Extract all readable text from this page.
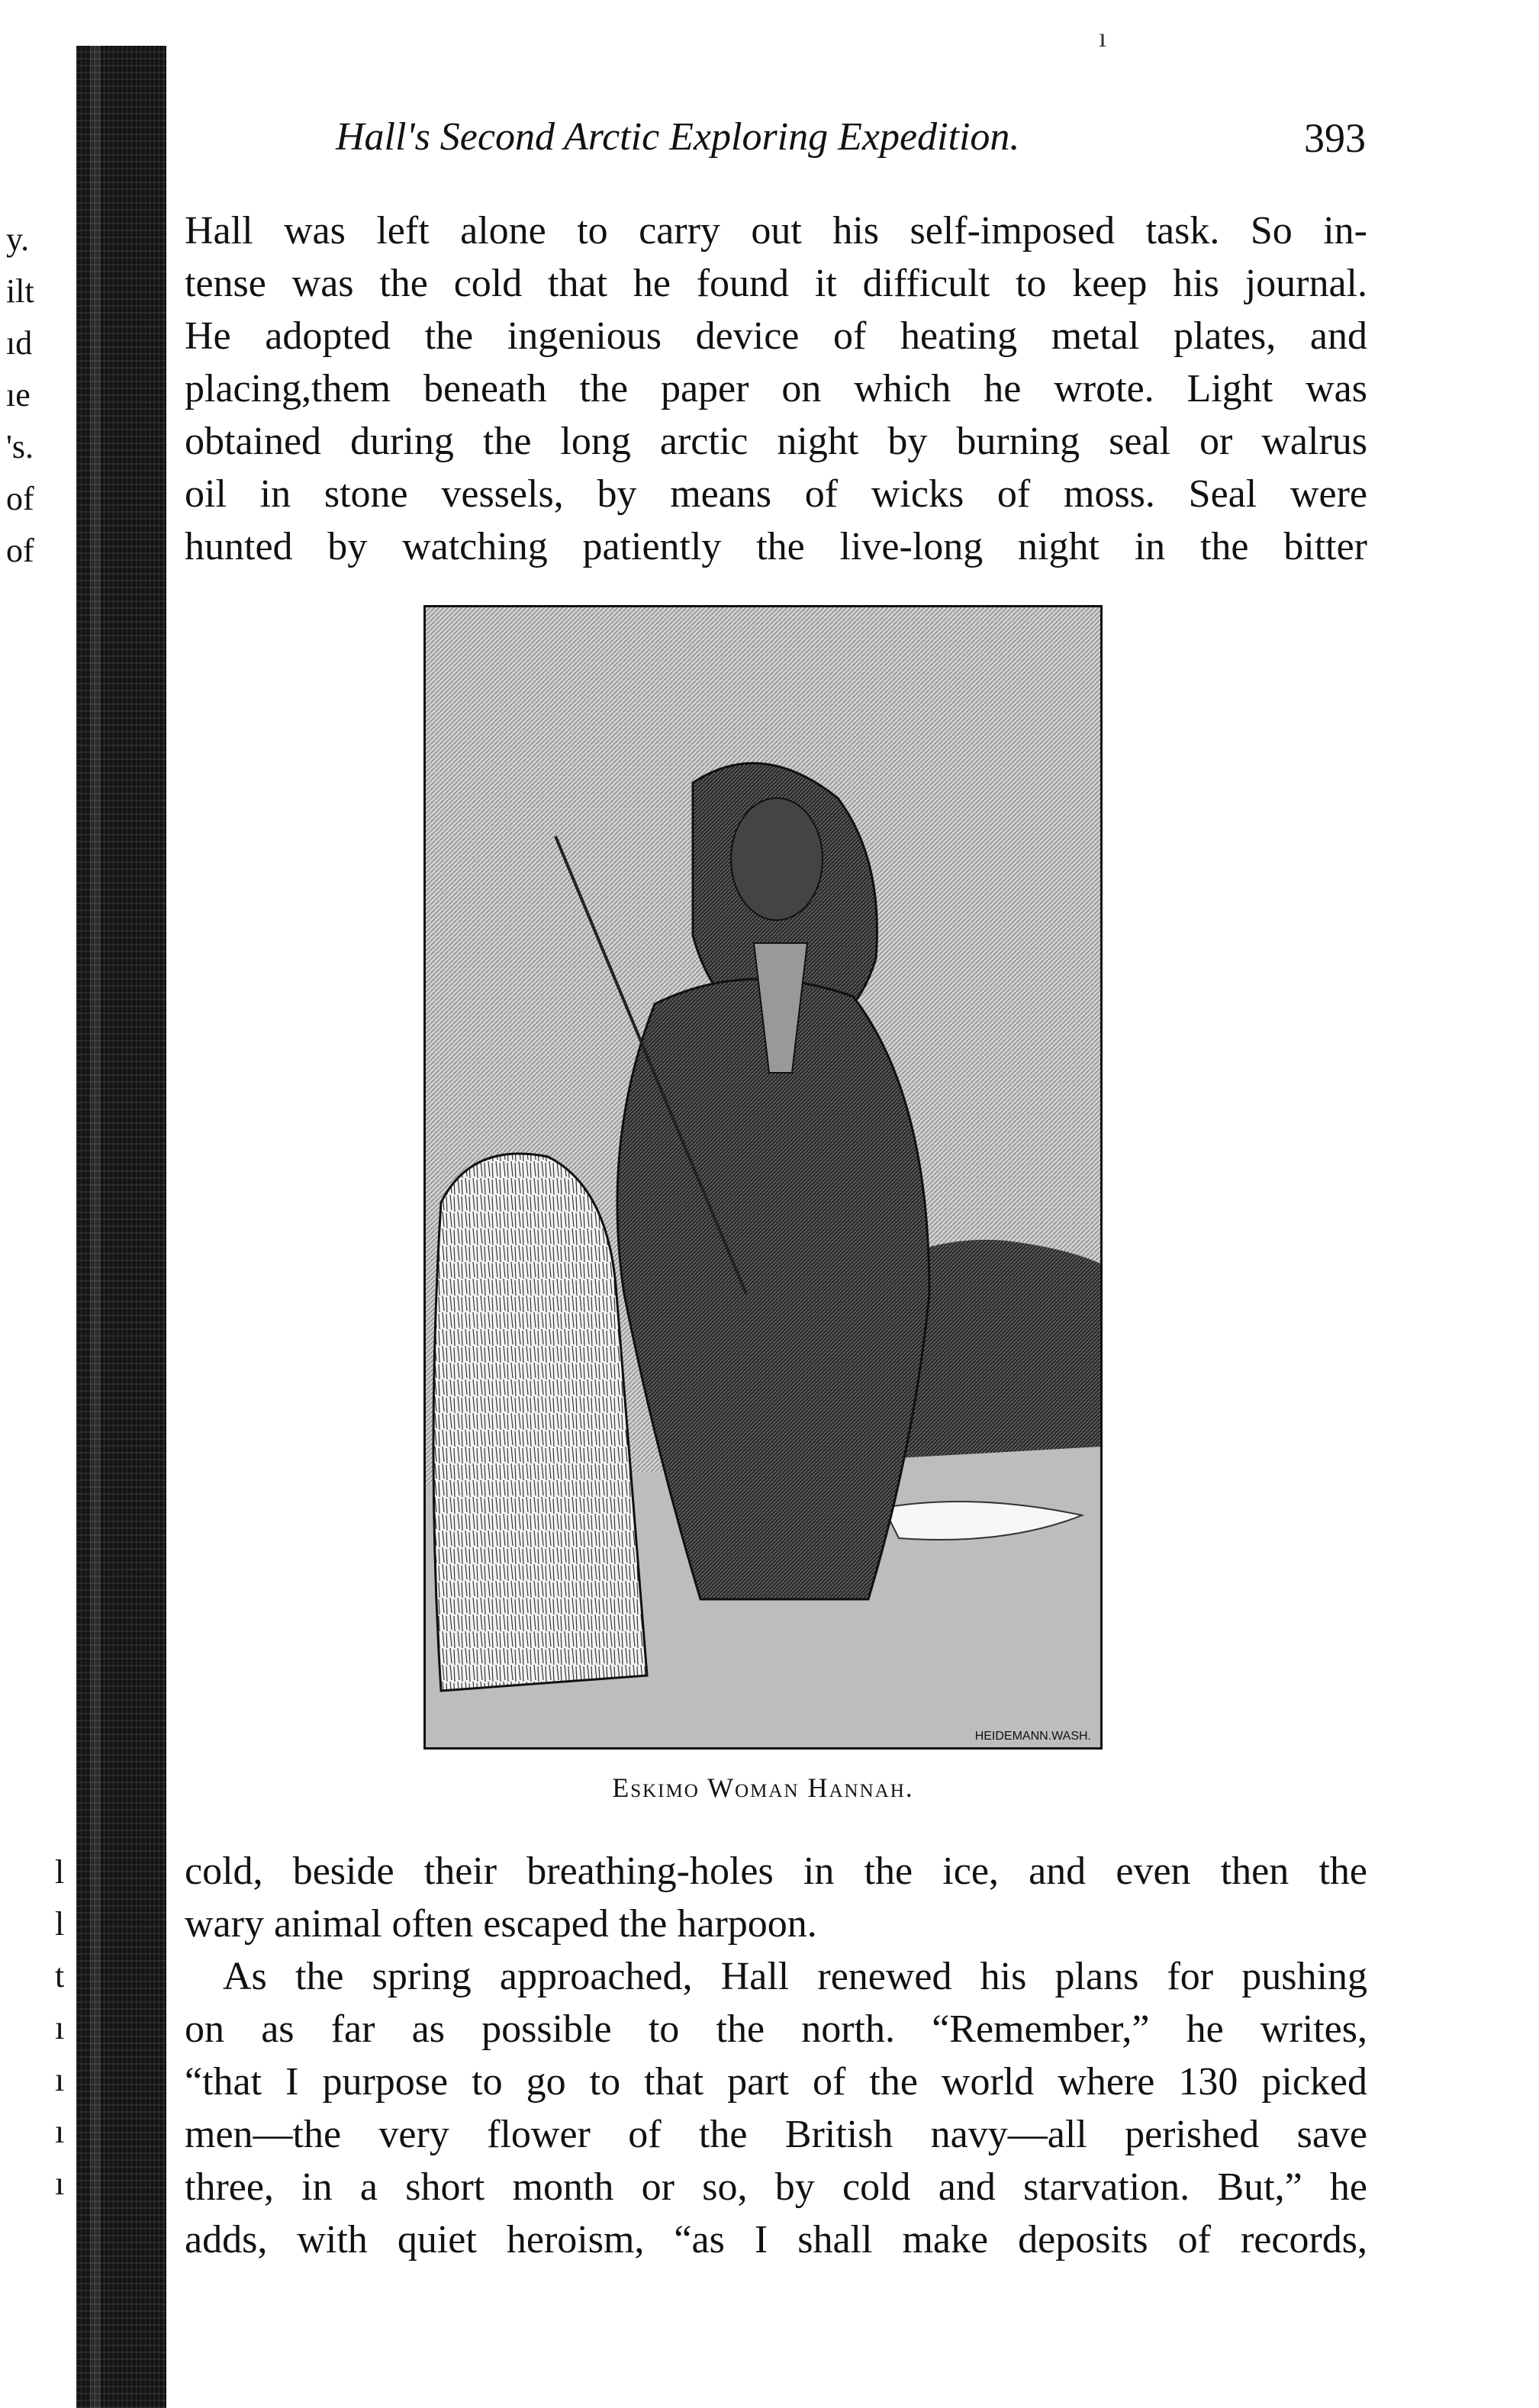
ı
y.
ilt
ıd
ıe
's.
of
of
l
l
t
ı
ı
ı
ı
Hall's Second Arctic Exploring Expedition.	393
Hall was left alone to carry out his self-imposed task. So in-
tense was the cold that he found it difficult to keep his journal.
He adopted the ingenious device of heating metal plates, and
placing,them beneath the paper on which he wrote. Light was
obtained during the long arctic night by burning seal or walrus
oil in stone vessels, by means of wicks of moss. Seal were
hunted by watching patiently the live-long night in the bitter
HEIDEMANN.WASH.
Eskimo Woman Hannah.
cold, beside their breathing-holes in the ice, and even then the
wary animal often escaped the harpoon.
As the spring approached, Hall renewed his plans for pushing
on as far as possible to the north. “Remember,” he writes,
“that I purpose to go to that part of the world where 130 picked
men—the very flower of the British navy—all perished save
three, in a short month or so, by cold and starvation. But,” he
adds, with quiet heroism, “as I shall make deposits of records,
